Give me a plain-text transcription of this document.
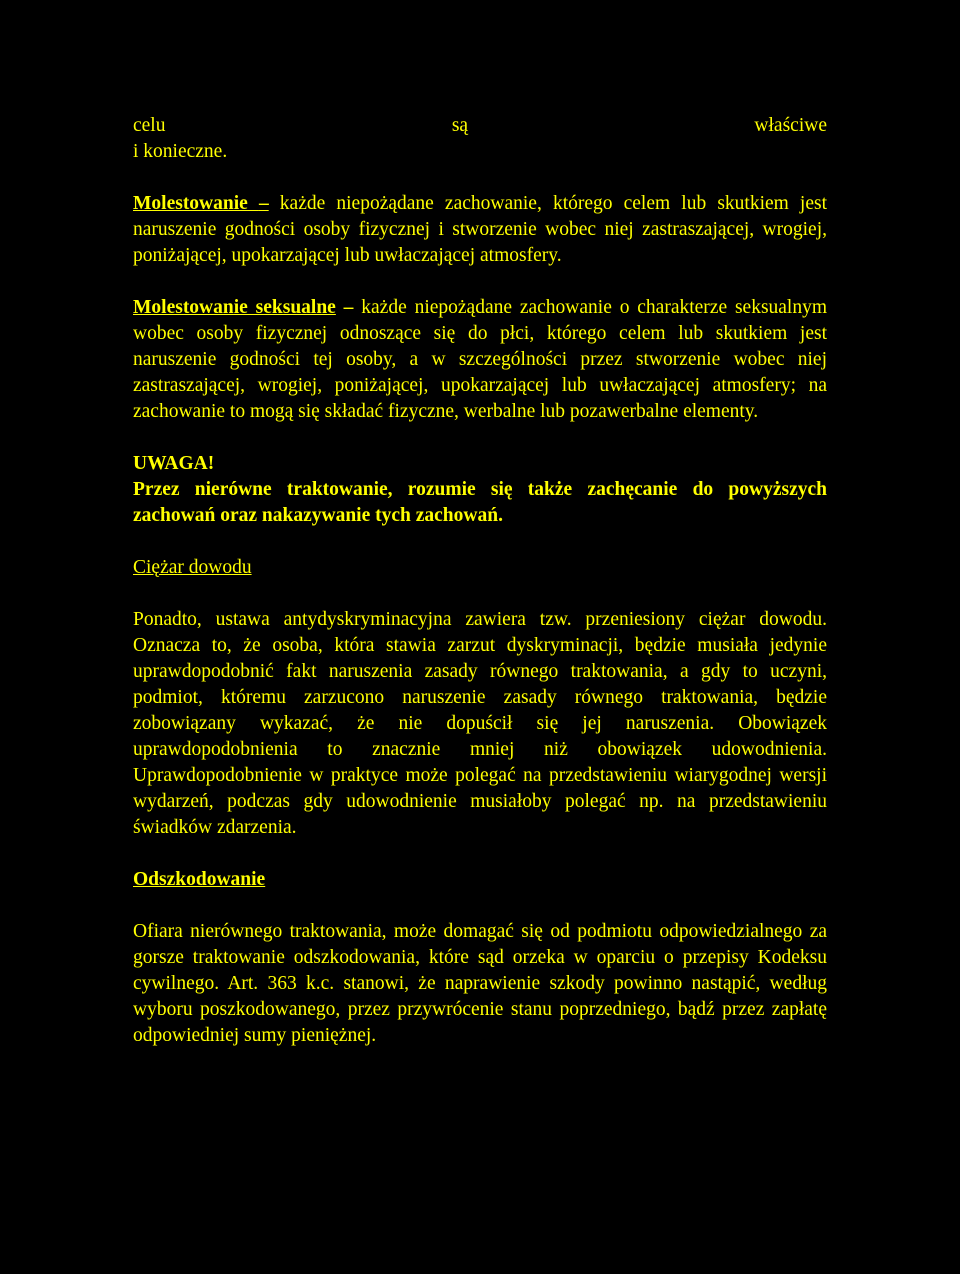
celu	są	właściwe

i konieczne.

Molestowanie – każde niepożądane zachowanie, którego celem lub skutkiem jest naruszenie godności osoby fizycznej i stworzenie wobec niej zastraszającej, wrogiej, poniżającej, upokarzającej lub uwłaczającej atmosfery.

Molestowanie seksualne – każde niepożądane zachowanie o charakterze seksualnym wobec osoby fizycznej odnoszące się do płci, którego celem lub skutkiem jest naruszenie godności tej osoby, a w szczególności przez stworzenie wobec niej zastraszającej, wrogiej, poniżającej, upokarzającej lub uwłaczającej atmosfery; na zachowanie to mogą się składać fizyczne, werbalne lub pozawerbalne elementy.

UWAGA!

Przez nierówne traktowanie, rozumie się także zachęcanie do powyższych zachowań oraz nakazywanie tych zachowań.

Ciężar dowodu

Ponadto, ustawa antydyskryminacyjna zawiera tzw. przeniesiony ciężar dowodu. Oznacza to, że osoba, która stawia zarzut dyskryminacji, będzie musiała jedynie uprawdopodobnić fakt naruszenia zasady równego traktowania, a gdy to uczyni, podmiot, któremu zarzucono naruszenie zasady równego traktowania, będzie zobowiązany wykazać, że nie dopuścił się jej naruszenia. Obowiązek uprawdopodobnienia to znacznie mniej niż obowiązek udowodnienia. Uprawdopodobnienie w praktyce może polegać na przedstawieniu wiarygodnej wersji wydarzeń, podczas gdy udowodnienie musiałoby polegać np. na przedstawieniu świadków zdarzenia.

Odszkodowanie

Ofiara nierównego traktowania, może domagać się od podmiotu odpowiedzialnego za gorsze traktowanie odszkodowania, które sąd orzeka w oparciu o przepisy Kodeksu cywilnego. Art. 363 k.c. stanowi, że naprawienie szkody powinno nastąpić, według wyboru poszkodowanego, przez przywrócenie stanu poprzedniego, bądź przez zapłatę odpowiedniej sumy pieniężnej.
